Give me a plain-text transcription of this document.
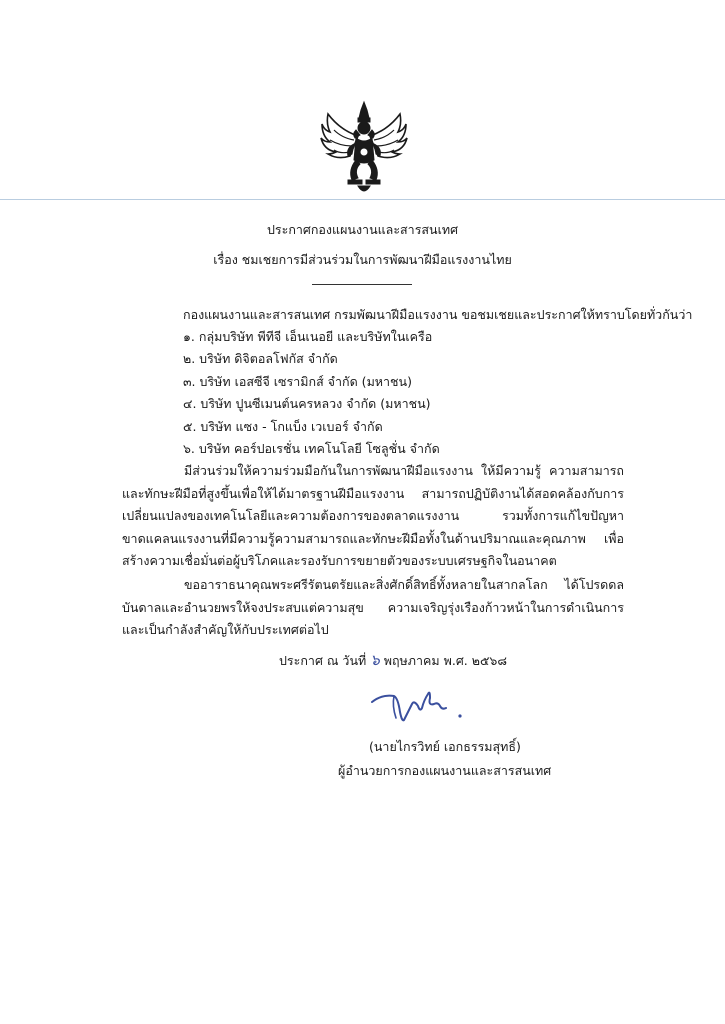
ประกาศกองแผนงานและสารสนเทศ

เรื่อง ชมเชยการมีส่วนร่วมในการพัฒนาฝีมือแรงงานไทย

กองแผนงานและสารสนเทศ กรมพัฒนาฝีมือแรงงาน ขอชมเชยและประกาศให้ทราบโดยทั่วกันว่า

๑. กลุ่มบริษัท พีทีจี เอ็นเนอยี และบริษัทในเครือ

๒. บริษัท ดิจิตอลโฟกัส จำกัด

๓. บริษัท เอสซีจี เซรามิกส์ จำกัด (มหาชน)

๔. บริษัท ปูนซีเมนต์นครหลวง จำกัด (มหาชน)

๕. บริษัท แซง - โกแบ็ง เวเบอร์ จำกัด

๖. บริษัท คอร์ปอเรชั่น เทคโนโลยี โซลูชั่น จำกัด

มีส่วนร่วมให้ความร่วมมือกันในการพัฒนาฝีมือแรงงาน ให้มีความรู้ ความสามารถ และทักษะฝีมือที่สูงขึ้นเพื่อให้ได้มาตรฐานฝีมือแรงงาน สามารถปฏิบัติงานได้สอดคล้องกับการเปลี่ยนแปลงของเทคโนโลยีและความต้องการของตลาดแรงงาน รวมทั้งการแก้ไขปัญหาขาดแคลนแรงงานที่มีความรู้ความสามารถและทักษะฝีมือทั้งในด้านปริมาณและคุณภาพ เพื่อสร้างความเชื่อมั่นต่อผู้บริโภคและรองรับการขยายตัวของระบบเศรษฐกิจในอนาคต

ขออาราธนาคุณพระศรีรัตนตรัยและสิ่งศักดิ์สิทธิ์ทั้งหลายในสากลโลก ได้โปรดดลบันดาลและอำนวยพรให้จงประสบแต่ความสุข ความเจริญรุ่งเรืองก้าวหน้าในการดำเนินการ และเป็นกำลังสำคัญให้กับประเทศต่อไป

ประกาศ ณ วันที่ ๖ พฤษภาคม พ.ศ. ๒๕๖๘

(นายไกรวิทย์ เอกธรรมสุทธิ์)

ผู้อำนวยการกองแผนงานและสารสนเทศ
